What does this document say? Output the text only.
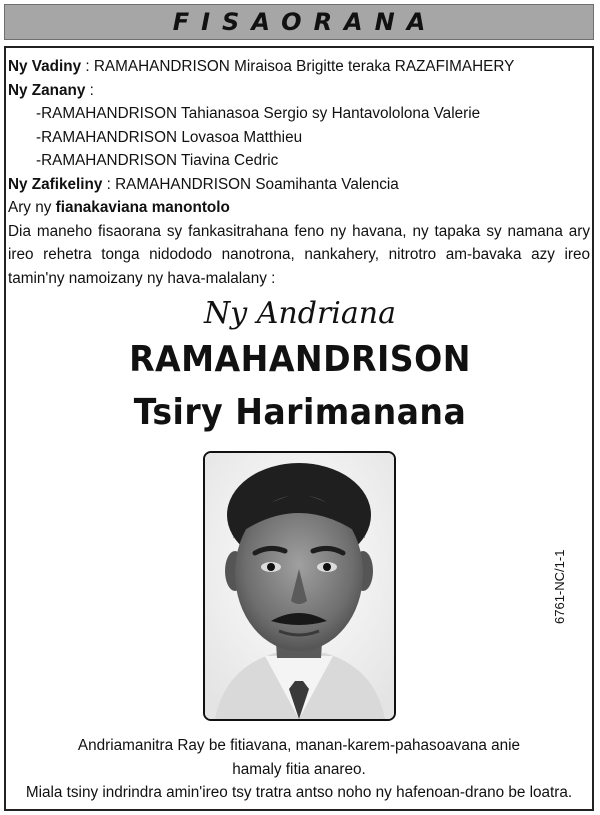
FISAORANA
Ny Vadiny : RAMAHANDRISON Miraisoa Brigitte teraka RAZAFIMAHERY
Ny Zanany :
-RAMAHANDRISON Tahianasoa Sergio sy Hantavololona Valerie
-RAMAHANDRISON Lovasoa Matthieu
-RAMAHANDRISON Tiavina Cedric
Ny Zafikeliny : RAMAHANDRISON Soamihanta Valencia
Ary ny fianakaviana manontolo
Dia maneho fisaorana sy fankasitrahana feno ny havana, ny tapaka sy namana ary ireo rehetra tonga nidododo nanotrona, nankahery, nitrotro am-bavaka azy ireo tamin'ny namoizany ny hava-malalany :
Ny Andriana
RAMAHANDRISON
Tsiry Harimanana
6761-NC/1-1
Andriamanitra Ray be fitiavana, manan-karem-pahasoavana anie
hamaly fitia anareo.
Miala tsiny indrindra amin'ireo tsy tratra antso noho ny hafenoan-drano be loatra.
